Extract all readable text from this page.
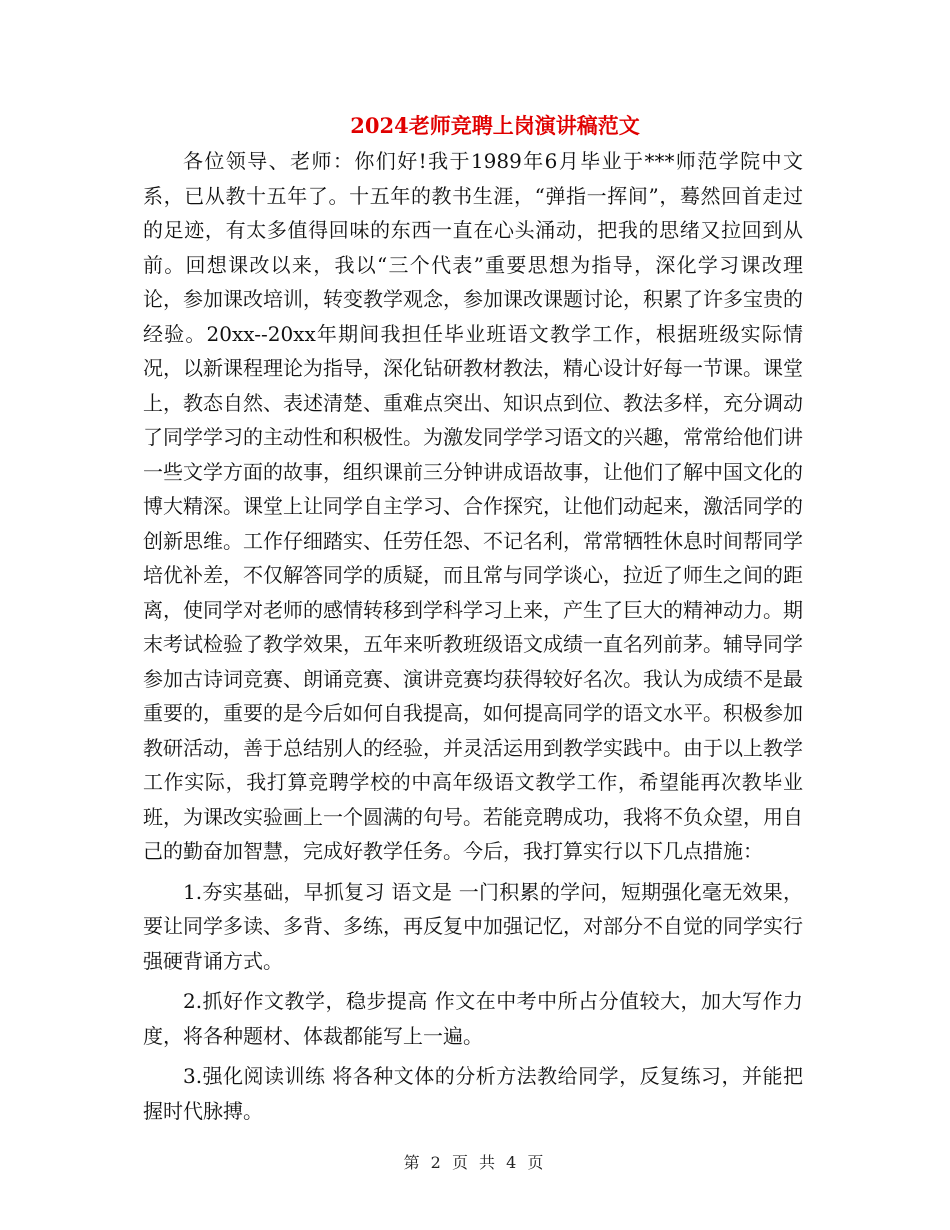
2024老师竞聘上岗演讲稿范文

各位领导、老师：你们好!我于1989年6月毕业于***师范学院中文系，已从教十五年了。十五年的教书生涯，“弹指一挥间”，蓦然回首走过的足迹，有太多值得回味的东西一直在心头涌动，把我的思绪又拉回到从前。回想课改以来，我以“三个代表”重要思想为指导，深化学习课改理论，参加课改培训，转变教学观念，参加课改课题讨论，积累了许多宝贵的经验。20xx--20xx年期间我担任毕业班语文教学工作，根据班级实际情况，以新课程理论为指导，深化钻研教材教法，精心设计好每一节课。课堂上，教态自然、表述清楚、重难点突出、知识点到位、教法多样，充分调动了同学学习的主动性和积极性。为激发同学学习语文的兴趣，常常给他们讲一些文学方面的故事，组织课前三分钟讲成语故事，让他们了解中国文化的博大精深。课堂上让同学自主学习、合作探究，让他们动起来，激活同学的创新思维。工作仔细踏实、任劳任怨、不记名利，常常牺牲休息时间帮同学培优补差，不仅解答同学的质疑，而且常与同学谈心，拉近了师生之间的距离，使同学对老师的感情转移到学科学习上来，产生了巨大的精神动力。期末考试检验了教学效果，五年来听教班级语文成绩一直名列前茅。辅导同学参加古诗词竞赛、朗诵竞赛、演讲竞赛均获得较好名次。我认为成绩不是最重要的，重要的是今后如何自我提高，如何提高同学的语文水平。积极参加教研活动，善于总结别人的经验，并灵活运用到教学实践中。由于以上教学工作实际，我打算竞聘学校的中高年级语文教学工作，希望能再次教毕业班，为课改实验画上一个圆满的句号。若能竞聘成功，我将不负众望，用自己的勤奋加智慧，完成好教学任务。今后，我打算实行以下几点措施：

1.夯实基础，早抓复习 语文是 一门积累的学问，短期强化毫无效果，要让同学多读、多背、多练，再反复中加强记忆，对部分不自觉的同学实行强硬背诵方式。

2.抓好作文教学，稳步提高 作文在中考中所占分值较大，加大写作力度，将各种题材、体裁都能写上一遍。

3.强化阅读训练 将各种文体的分析方法教给同学，反复练习，并能把握时代脉搏。

第 2 页 共 4 页
